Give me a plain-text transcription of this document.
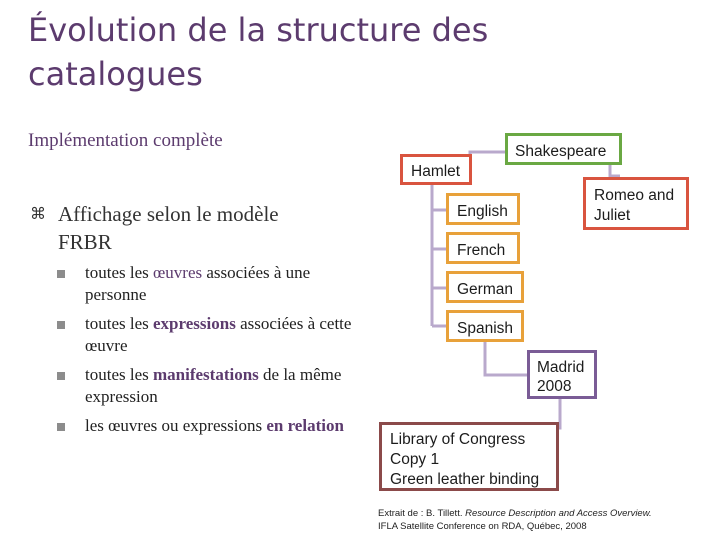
Évolution de la structure des catalogues
Implémentation complète
⌘ Affichage selon le modèle FRBR
toutes les œuvres associées à une personne
toutes les expressions associées à cette œuvre
toutes les manifestations de la même expression
les œuvres ou expressions en relation
Shakespeare
Hamlet
Romeo and Juliet
English
French
German
Spanish
Madrid 2008
Library of Congress
Copy 1
Green leather binding
Extrait de : B. Tillett. Resource Description and Access Overview.
IFLA Satellite Conference on RDA, Québec, 2008
